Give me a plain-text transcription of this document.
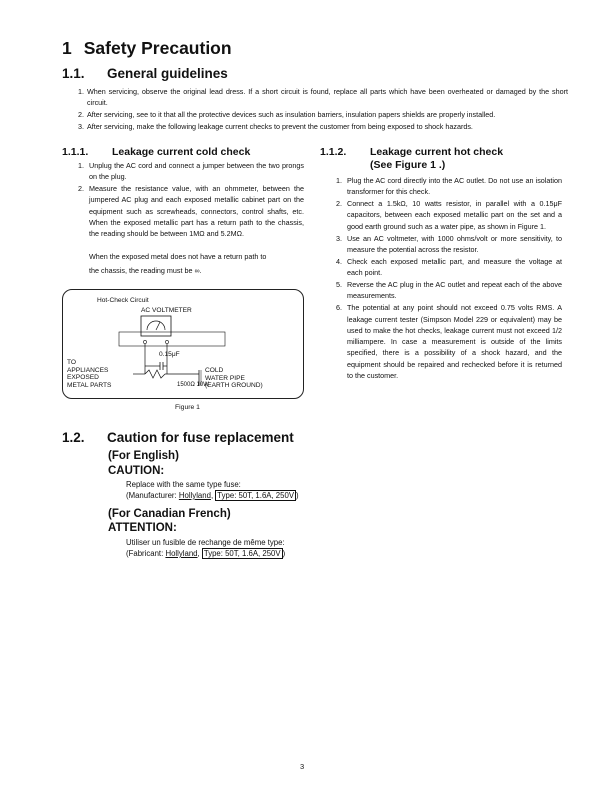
1 Safety Precaution
1.1. General guidelines
1. When servicing, observe the original lead dress. If a short circuit is found, replace all parts which have been overheated or damaged by the short circuit.
2. After servicing, see to it that all the protective devices such as insulation barriers, insulation papers shields are properly installed.
3. After servicing, make the following leakage current checks to prevent the customer from being exposed to shock hazards.
1.1.1. Leakage current cold check
1. Unplug the AC cord and connect a jumper between the two prongs on the plug.
2. Measure the resistance value, with an ohmmeter, between the jumpered AC plug and each exposed metallic cabinet part on the equipment such as screwheads, connectors, control shafts, etc. When the exposed metallic part has a return path to the chassis, the reading should be between 1MΩ and 5.2MΩ.
When the exposed metal does not have a return path to
the chassis, the reading must be ∞.
Hot-Check Circuit
AC VOLTMETER
0.15μF
TO
APPLIANCES
EXPOSED
METAL PARTS	1500Ω 10W
COLD
WATER PIPE
(EARTH GROUND)
Figure 1
1.1.2. Leakage current hot check
(See Figure 1 .)
1. Plug the AC cord directly into the AC outlet. Do not use an isolation transformer for this check.
2. Connect a 1.5kΩ, 10 watts resistor, in parallel with a 0.15μF capacitors, between each exposed metallic part on the set and a good earth ground such as a water pipe, as shown in Figure 1.
3. Use an AC voltmeter, with 1000 ohms/volt or more sensitivity, to measure the potential across the resistor.
4. Check each exposed metallic part, and measure the voltage at each point.
5. Reverse the AC plug in the AC outlet and repeat each of the above measurements.
6. The potential at any point should not exceed 0.75 volts RMS. A leakage current tester (Simpson Model 229 or equivalent) may be used to make the hot checks, leakage current must not exceed 1/2 milliampere. In case a measurement is outside of the limits specified, there is a possibility of a shock hazard, and the equipment should be repaired and rechecked before it is returned to the customer.
1.2. Caution for fuse replacement
(For English)
CAUTION:
Replace with the same type fuse:
(Manufacturer: Hollyland, Type: 50T, 1.6A, 250V )
(For Canadian French)
ATTENTION:
Utiliser un fusible de rechange de même type:
(Fabricant: Hollyland, Type: 50T, 1.6A, 250V )
3
